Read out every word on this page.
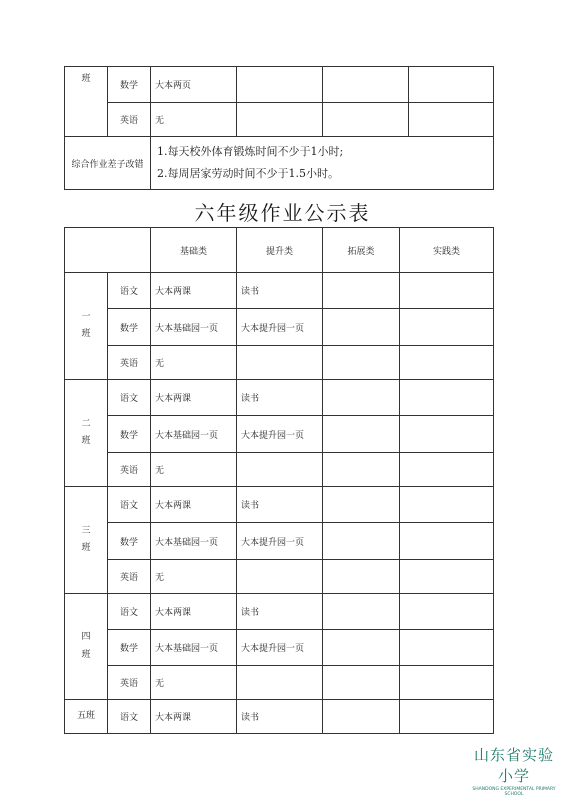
班	数学	大本两页			
	英语	无			
综合作业差子改错		1.每天校外体育锻炼时间不少于1小时;
2.每周居家劳动时间不少于1.5小时。			
六年级作业公示表
		基础类	提升类	拓展类	实践类

一
班	语文	大本两课	读书		
	数学	大本基础园一页	大本提升园一页		
	英语	无			

二
班	语文	大本两课	读书		
	数学	大本基础园一页	大本提升园一页		
	英语	无			

三
班	语文	大本两课	读书		
	数学	大本基础园一页	大本提升园一页		
	英语	无			

四
班	语文	大本两课	读书		
	数学	大本基础园一页	大本提升园一页		
	英语	无			

五班	语文	大本两课	读书		
山东省实验小学
SHANDONG EXPERIMENTAL PRIMARY SCHOOL
